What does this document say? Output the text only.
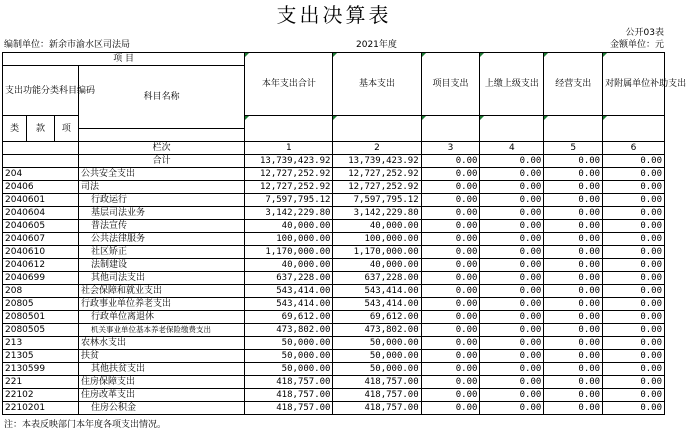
支出决算表
公开03表
编制单位：新余市渝水区司法局	2021年度	金额单位：元
项 目				本年支出合计	基本支出	项目支出	上缴上级支出	经营支出	对附属单位补助支出
支出功能分类科目编码			科目名称						

类	款	项							

			栏次	1	2	3	4	5	6
			合计	13,739,423.92	13,739,423.92	0.00	0.00	0.00	0.00
204			公共安全支出	12,727,252.92	12,727,252.92	0.00	0.00	0.00	0.00
20406			司法	12,727,252.92	12,727,252.92	0.00	0.00	0.00	0.00
2040601			行政运行	7,597,795.12	7,597,795.12	0.00	0.00	0.00	0.00
2040604			基层司法业务	3,142,229.80	3,142,229.80	0.00	0.00	0.00	0.00
2040605			普法宣传	40,000.00	40,000.00	0.00	0.00	0.00	0.00
2040607			公共法律服务	100,000.00	100,000.00	0.00	0.00	0.00	0.00
2040610			社区矫正	1,170,000.00	1,170,000.00	0.00	0.00	0.00	0.00
2040612			法制建设	40,000.00	40,000.00	0.00	0.00	0.00	0.00
2040699			其他司法支出	637,228.00	637,228.00	0.00	0.00	0.00	0.00
208			社会保障和就业支出	543,414.00	543,414.00	0.00	0.00	0.00	0.00
20805			行政事业单位养老支出	543,414.00	543,414.00	0.00	0.00	0.00	0.00
2080501			行政单位离退休	69,612.00	69,612.00	0.00	0.00	0.00	0.00
2080505			机关事业单位基本养老保险缴费支出	473,802.00	473,802.00	0.00	0.00	0.00	0.00
213			农林水支出	50,000.00	50,000.00	0.00	0.00	0.00	0.00
21305			扶贫	50,000.00	50,000.00	0.00	0.00	0.00	0.00
2130599			其他扶贫支出	50,000.00	50,000.00	0.00	0.00	0.00	0.00
221			住房保障支出	418,757.00	418,757.00	0.00	0.00	0.00	0.00
22102			住房改革支出	418,757.00	418,757.00	0.00	0.00	0.00	0.00
2210201			住房公积金	418,757.00	418,757.00	0.00	0.00	0.00	0.00
注：本表反映部门本年度各项支出情况。
